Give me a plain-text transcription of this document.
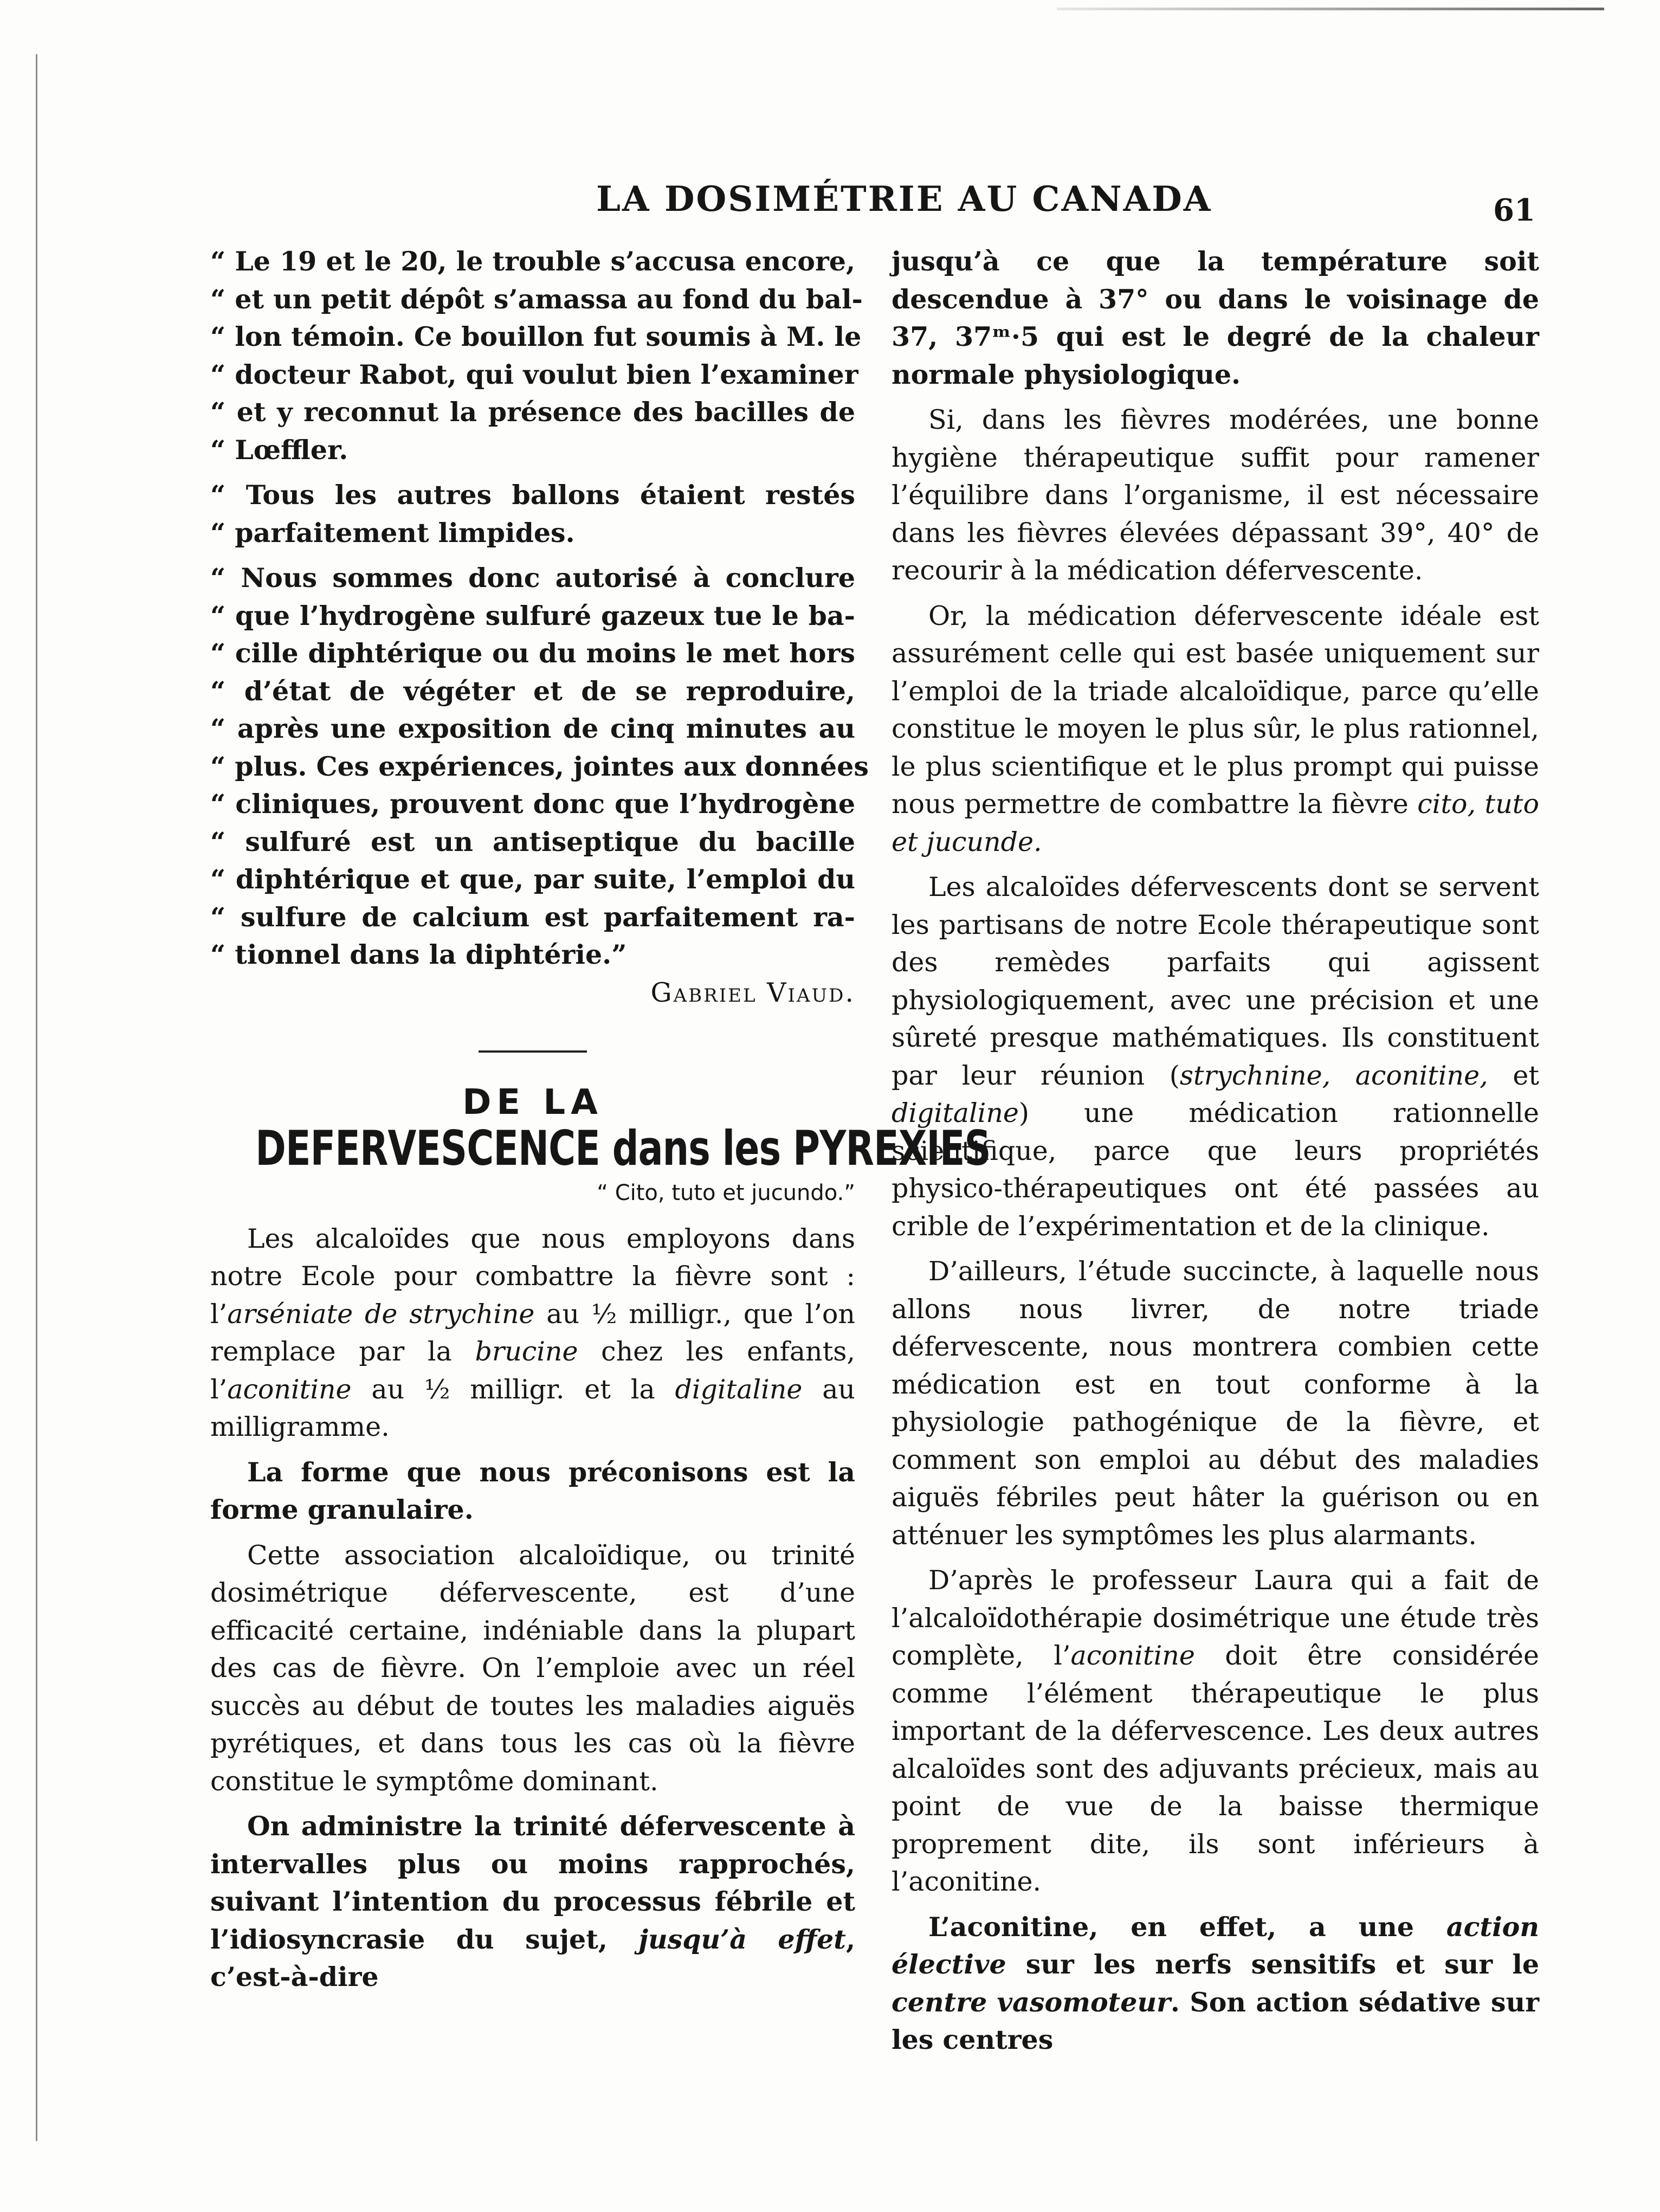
LA DOSIMÉTRIE AU CANADA	61
“ Le 19 et le 20, le trouble s’accusa encore,
“ et un petit dépôt s’amassa au fond du bal-
“ lon témoin. Ce bouillon fut soumis à M. le
“ docteur Rabot, qui voulut bien l’examiner
“ et y reconnut la présence des bacilles de
“ Lœffler.
“ Tous les autres ballons étaient restés
“ parfaitement limpides.
“ Nous sommes donc autorisé à conclure
“ que l’hydrogène sulfuré gazeux tue le ba-
“ cille diphtérique ou du moins le met hors
“ d’état de végéter et de se reproduire,
“ après une exposition de cinq minutes au
“ plus. Ces expériences, jointes aux données
“ cliniques, prouvent donc que l’hydrogène
“ sulfuré est un antiseptique du bacille
“ diphtérique et que, par suite, l’emploi du
“ sulfure de calcium est parfaitement ra-
“ tionnel dans la diphtérie.”

Gabriel Viaud.

DE LA

DEFERVESCENCE dans les PYREXIES

“ Cito, tuto et jucundo.”

Les alcaloïdes que nous employons dans notre Ecole pour combattre la fièvre sont : l’arséniate de strychine au ½ milligr., que l’on remplace par la brucine chez les enfants, l’aconitine au ½ milligr. et la digitaline au milligramme.

La forme que nous préconisons est la forme granulaire.

Cette association alcaloïdique, ou trinité dosimétrique défervescente, est d’une efficacité certaine, indéniable dans la plupart des cas de fièvre. On l’emploie avec un réel succès au début de toutes les maladies aiguës pyrétiques, et dans tous les cas où la fièvre constitue le symptôme dominant.

On administre la trinité défervescente à intervalles plus ou moins rapprochés, suivant l’intention du processus fébrile et l’idiosyncrasie du sujet, jusqu’à effet, c’est-à-dire

jusqu’à ce que la température soit descendue à 37° ou dans le voisinage de 37, 37ᵐ·5 qui est le degré de la chaleur normale physiologique.

Si, dans les fièvres modérées, une bonne hygiène thérapeutique suffit pour ramener l’équilibre dans l’organisme, il est nécessaire dans les fièvres élevées dépassant 39°, 40° de recourir à la médication défervescente.

Or, la médication défervescente idéale est assurément celle qui est basée uniquement sur l’emploi de la triade alcaloïdique, parce qu’elle constitue le moyen le plus sûr, le plus rationnel, le plus scientifique et le plus prompt qui puisse nous permettre de combattre la fièvre cito, tuto et jucunde.

Les alcaloïdes défervescents dont se servent les partisans de notre Ecole thérapeutique sont des remèdes parfaits qui agissent physiologiquement, avec une précision et une sûreté presque mathématiques. Ils constituent par leur réunion (strychnine, aconitine, et digitaline) une médication rationnelle scientifique, parce que leurs propriétés physico-thérapeutiques ont été passées au crible de l’expérimentation et de la clinique.

D’ailleurs, l’étude succincte, à laquelle nous allons nous livrer, de notre triade défervescente, nous montrera combien cette médication est en tout conforme à la physiologie pathogénique de la fièvre, et comment son emploi au début des maladies aiguës fébriles peut hâter la guérison ou en atténuer les symptômes les plus alarmants.

D’après le professeur Laura qui a fait de l’alcaloïdothérapie dosimétrique une étude très complète, l’aconitine doit être considérée comme l’élément thérapeutique le plus important de la défervescence. Les deux autres alcaloïdes sont des adjuvants précieux, mais au point de vue de la baisse thermique proprement dite, ils sont inférieurs à l’aconitine.

L’aconitine, en effet, a une action élective sur les nerfs sensitifs et sur le centre vasomoteur. Son action sédative sur les centres
